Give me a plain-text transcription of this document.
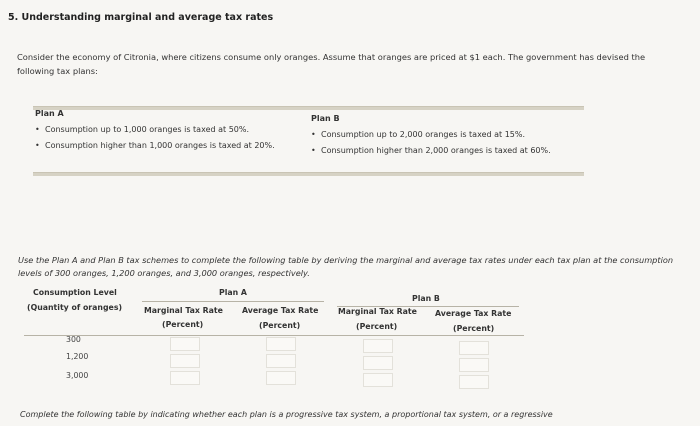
5. Understanding marginal and average tax rates
Consider the economy of Citronia, where citizens consume only oranges. Assume that oranges are priced at $1 each. The government has devised the following tax plans:
Plan A
• Consumption up to 1,000 oranges is taxed at 50%.
• Consumption higher than 1,000 oranges is taxed at 20%.
Plan B
• Consumption up to 2,000 oranges is taxed at 15%.
• Consumption higher than 2,000 oranges is taxed at 60%.
Use the Plan A and Plan B tax schemes to complete the following table by deriving the marginal and average tax rates under each tax plan at the consumption levels of 300 oranges, 1,200 oranges, and 3,000 oranges, respectively.
Consumption Level
(Quantity of oranges)
Plan A
Plan B
Marginal Tax Rate
(Percent)
Average Tax Rate
(Percent)
Marginal Tax Rate
(Percent)
Average Tax Rate
(Percent)
300
1,200
3,000
Complete the following table by indicating whether each plan is a progressive tax system, a proportional tax system, or a regressive
